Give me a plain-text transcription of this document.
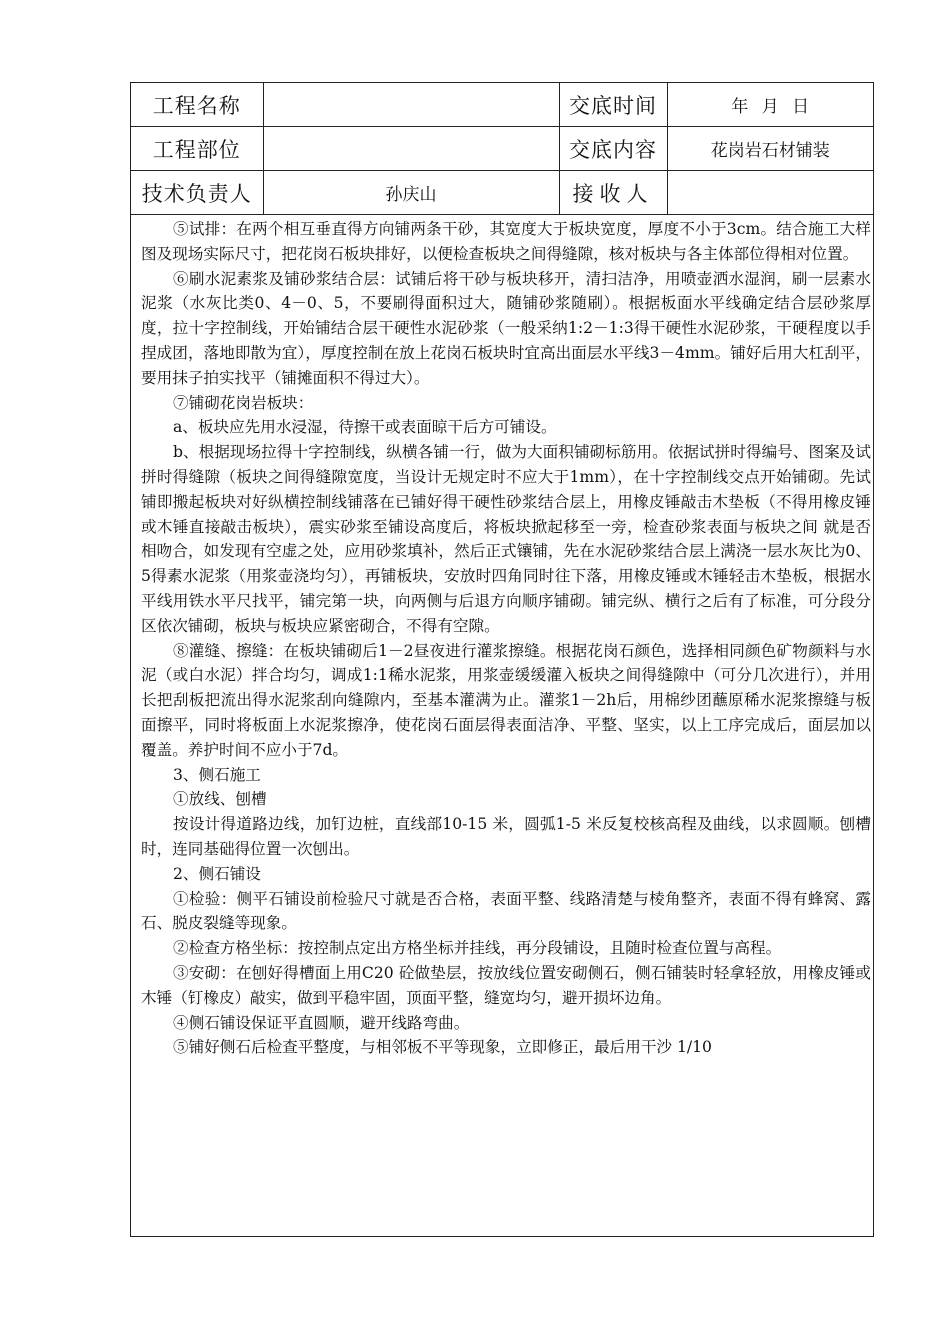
工程名称		交底时间	年 月 日
工程部位		交底内容	花岗岩石材铺装
技术负责人	孙庆山	接收人	

⑤试排：在两个相互垂直得方向铺两条干砂，其宽度大于板块宽度，厚度不小于3cm。结合施工大样图及现场实际尺寸，把花岗石板块排好，以便检查板块之间得缝隙，核对板块与各主体部位得相对位置。

⑥刷水泥素浆及铺砂浆结合层：试铺后将干砂与板块移开，清扫洁净，用喷壶洒水湿润，刷一层素水泥浆（水灰比类0、4－0、5，不要刷得面积过大，随铺砂浆随刷）。根据板面水平线确定结合层砂浆厚度，拉十字控制线，开始铺结合层干硬性水泥砂浆（一般采纳1:2－1:3得干硬性水泥砂浆，干硬程度以手捏成团，落地即散为宜），厚度控制在放上花岗石板块时宜高出面层水平线3－4mm。铺好后用大杠刮平，要用抹子拍实找平（铺摊面积不得过大）。

⑦铺砌花岗岩板块：

a、板块应先用水浸湿，待擦干或表面晾干后方可铺设。

b、根据现场拉得十字控制线，纵横各铺一行，做为大面积铺砌标筋用。依据试拼时得编号、图案及试拼时得缝隙（板块之间得缝隙宽度，当设计无规定时不应大于1mm），在十字控制线交点开始铺砌。先试铺即搬起板块对好纵横控制线铺落在已铺好得干硬性砂浆结合层上，用橡皮锤敲击木垫板（不得用橡皮锤或木锤直接敲击板块），震实砂浆至铺设高度后，将板块掀起移至一旁，检查砂浆表面与板块之间 就是否相吻合，如发现有空虚之处，应用砂浆填补，然后正式镶铺，先在水泥砂浆结合层上满浇一层水灰比为0、5得素水泥浆（用浆壶浇均匀），再铺板块，安放时四角同时往下落，用橡皮锤或木锤轻击木垫板，根据水平线用铁水平尺找平，铺完第一块，向两侧与后退方向顺序铺砌。铺完纵、横行之后有了标准，可分段分区依次铺砌，板块与板块应紧密砌合，不得有空隙。

⑧灌缝、擦缝：在板块铺砌后1－2昼夜进行灌浆擦缝。根据花岗石颜色，选择相同颜色矿物颜料与水泥（或白水泥）拌合均匀，调成1:1稀水泥浆，用浆壶缓缓灌入板块之间得缝隙中（可分几次进行），并用长把刮板把流出得水泥浆刮向缝隙内，至基本灌满为止。灌浆1－2h后，用棉纱团蘸原稀水泥浆擦缝与板面擦平，同时将板面上水泥浆擦净，使花岗石面层得表面洁净、平整、坚实，以上工序完成后，面层加以覆盖。养护时间不应小于7d。

3、侧石施工

①放线、刨槽

按设计得道路边线，加钉边桩，直线部10-15 米，圆弧1-5 米反复校核高程及曲线，以求圆顺。刨槽时，连同基础得位置一次刨出。

2、侧石铺设

①检验：侧平石铺设前检验尺寸就是否合格，表面平整、线路清楚与棱角整齐，表面不得有蜂窝、露石、脱皮裂缝等现象。

②检查方格坐标：按控制点定出方格坐标并挂线，再分段铺设，且随时检查位置与高程。

③安砌：在刨好得槽面上用C20 砼做垫层，按放线位置安砌侧石，侧石铺装时轻拿轻放，用橡皮锤或木锤（钉橡皮）敲实，做到平稳牢固，顶面平整，缝宽均匀，避开损坏边角。

④侧石铺设保证平直圆顺，避开线路弯曲。

⑤铺好侧石后检查平整度，与相邻板不平等现象，立即修正，最后用干沙 1/10
